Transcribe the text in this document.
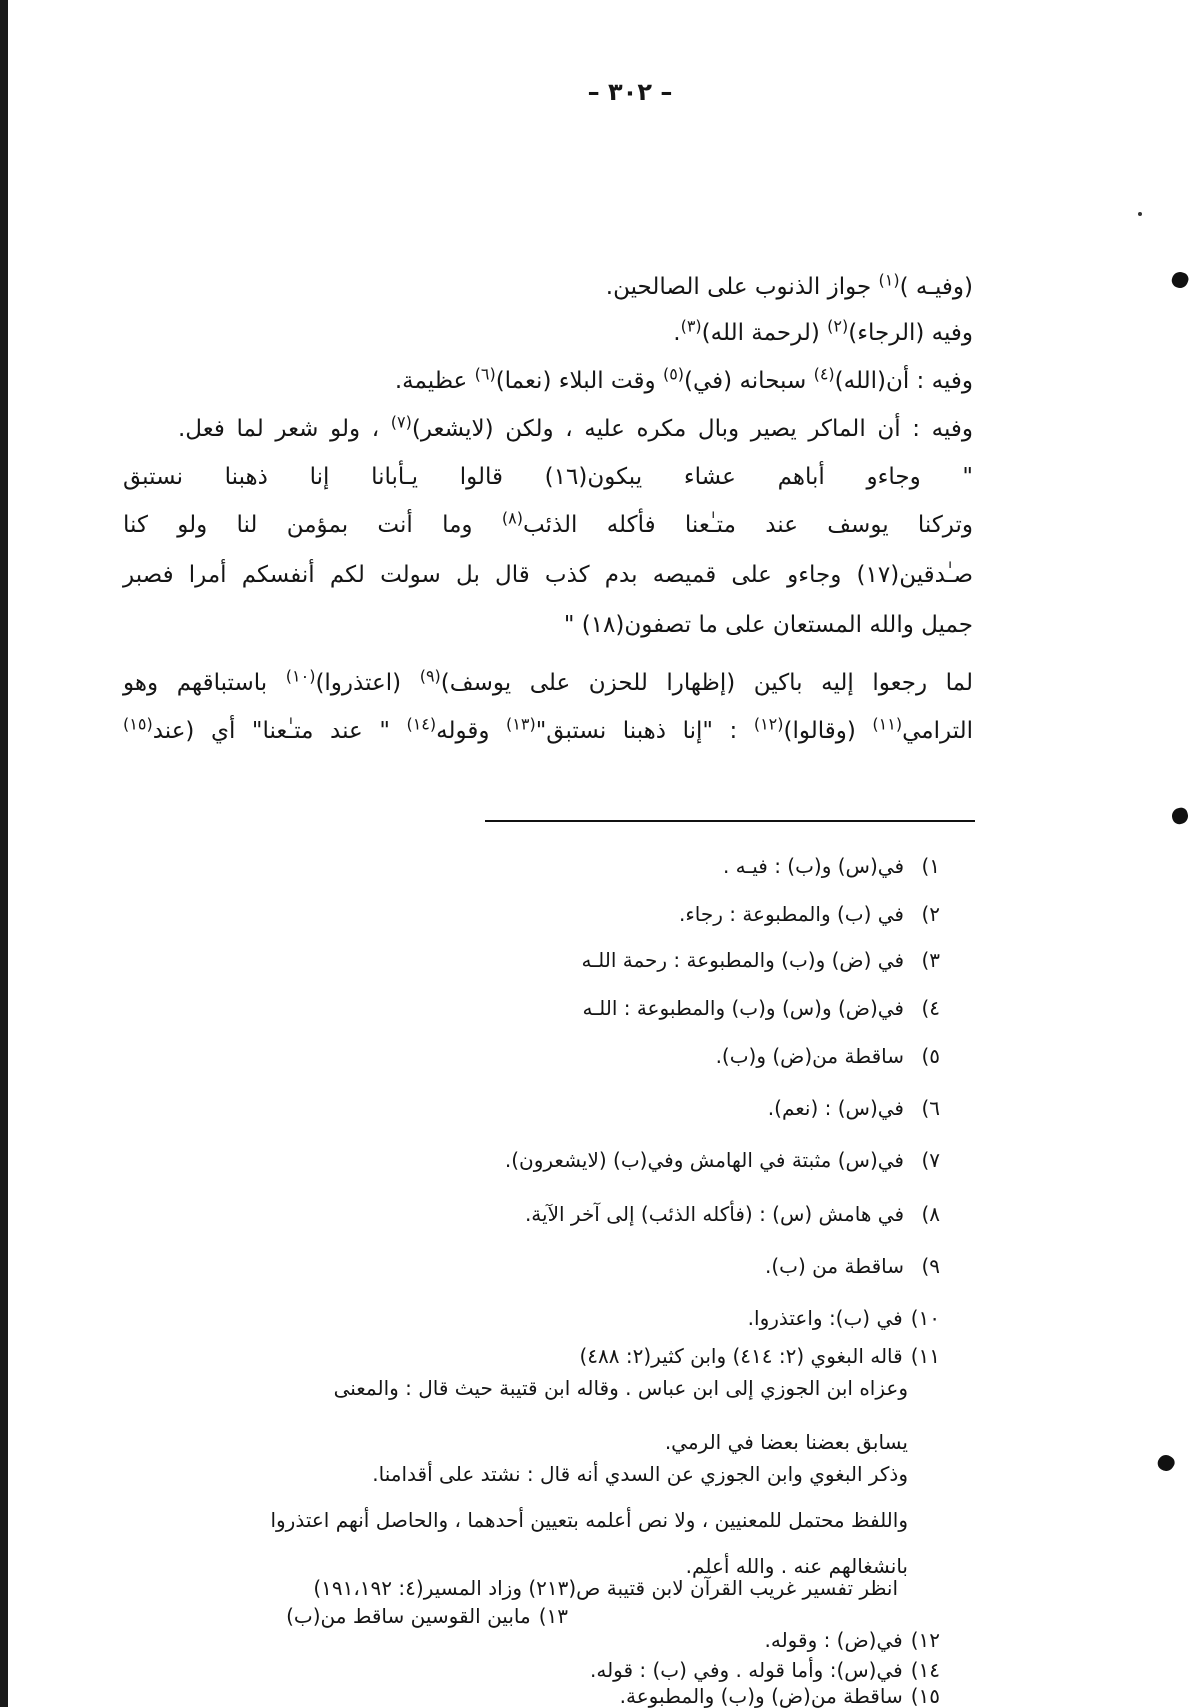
– ٣٠٢ –
(وفيـه )$^{(١)}$ جواز الذنوب على الصالحين.
وفيه (الرجاء)$^{(٢)}$ (لرحمة الله)$^{(٣)}$.
وفيه : أن(الله)$^{(٤)}$ سبحانه (في)$^{(٥)}$ وقت البلاء (نعما)$^{(٦)}$ عظيمة.
وفيه : أن الماكر يصير وبال مكره عليه ، ولكن (لايشعر)$^{(٧)}$ ، ولو شعر لما فعل.
" وجاءو أباهم عشاء يبكون(١٦) قالوا يـأبانا إنا ذهبنا نستبق
وتركنا يوسف عند متـٰعنا فأكله الذئب$^{(٨)}$ وما أنت بمؤمن لنا ولو كنا
صـٰدقين(١٧) وجاءو على قميصه بدم كذب قال بل سولت لكم أنفسكم أمرا فصبر
جميل والله المستعان على ما تصفون(١٨) "
لما رجعوا إليه باكين (إظهارا للحزن على يوسف)$^{(٩)}$ (اعتذروا)$^{(١٠)}$ باستباقهم وهو
الترامي$^{(١١)}$ (وقالوا)$^{(١٢)}$ : "إنا ذهبنا نستبق"$^{(١٣)}$ وقوله$^{(١٤)}$ " عند متـٰعنا" أي (عند$^{(١٥)}$
١)في(س) و(ب) : فيـه .
٢)في (ب) والمطبوعة : رجاء.
٣)في (ض) و(ب) والمطبوعة : رحمة اللـه
٤)في(ض) و(س) و(ب) والمطبوعة : اللـه
٥)ساقطة من(ض) و(ب).
٦)في(س) : (نعم).
٧)في(س) مثبتة في الهامش وفي(ب) (لايشعرون).
٨)في هامش (س) : (فأكله الذئب) إلى آخر الآية.
٩)ساقطة من (ب).
١٠)في (ب): واعتذروا.
١١)قاله البغوي (٢: ٤١٤) وابن كثير(٢: ٤٨٨)
وعزاه ابن الجوزي إلى ابن عباس . وقاله ابن قتيبة حيث قال : والمعنى
يسابق بعضنا بعضا في الرمي.
وذكر البغوي وابن الجوزي عن السدي أنه قال : نشتد على أقدامنا.
واللفظ محتمل للمعنيين ، ولا نص أعلمه بتعيين أحدهما ، والحاصل أنهم اعتذروا
بانشغالهم عنه . والله أعلم.
انظر تفسير غريب القرآن لابن قتيبة ص(٢١٣) وزاد المسير(٤: ١٩١،١٩٢)
١٣)مابين القوسين ساقط من(ب)
١٢)في(ض) : وقوله.
١٤)في(س): وأما قوله . وفي (ب) : قوله.
١٥)ساقطة من(ض) و(ب) والمطبوعة.
